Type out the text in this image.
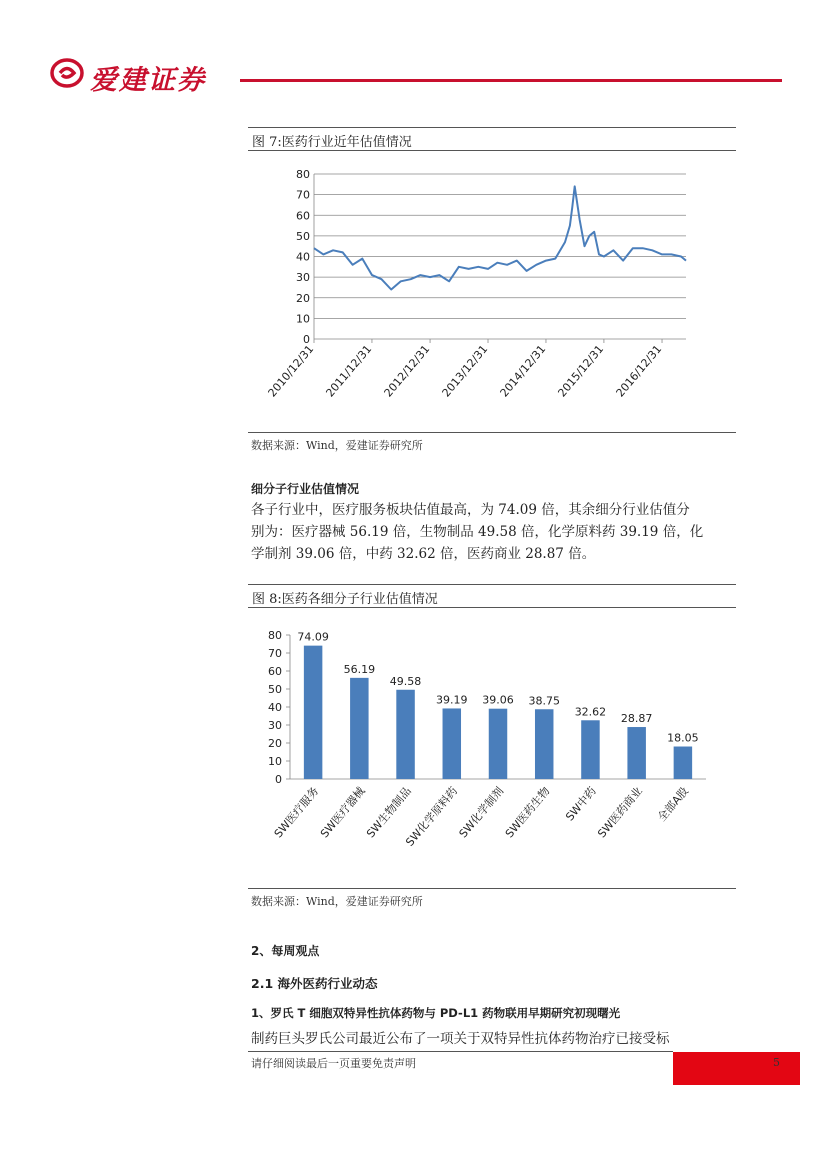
爱建证券
图 7:医药行业近年估值情况
0
10
20
30
40
50
60
70
80
2010/12/31 2011/12/31 2012/12/31 2013/12/31 2014/12/31 2015/12/31 2016/12/31
数据来源：Wind，爱建证券研究所
细分子行业估值情况
各子行业中，医疗服务板块估值最高，为 74.09 倍，其余细分行业估值分
别为：医疗器械 56.19 倍，生物制品 49.58 倍，化学原料药 39.19 倍，化
学制剂 39.06 倍，中药 32.62 倍，医药商业 28.87 倍。
图 8:医药各细分子行业估值情况
0
10
20
30
40
50
60
70
80 74.09
SW医疗服务
56.19
SW医疗器械
49.58
SW生物制品
39.19
SW化学原料药
39.06
SW化学制剂
38.75
SW医药生物
32.62
SW中药
28.87
SW医药商业
18.05
全部A股
数据来源：Wind，爱建证券研究所
2、每周观点
2.1 海外医药行业动态
1、罗氏 T 细胞双特异性抗体药物与 PD-L1 药物联用早期研究初现曙光
制药巨头罗氏公司最近公布了一项关于双特异性抗体药物治疗已接受标
请仔细阅读最后一页重要免责声明	5
